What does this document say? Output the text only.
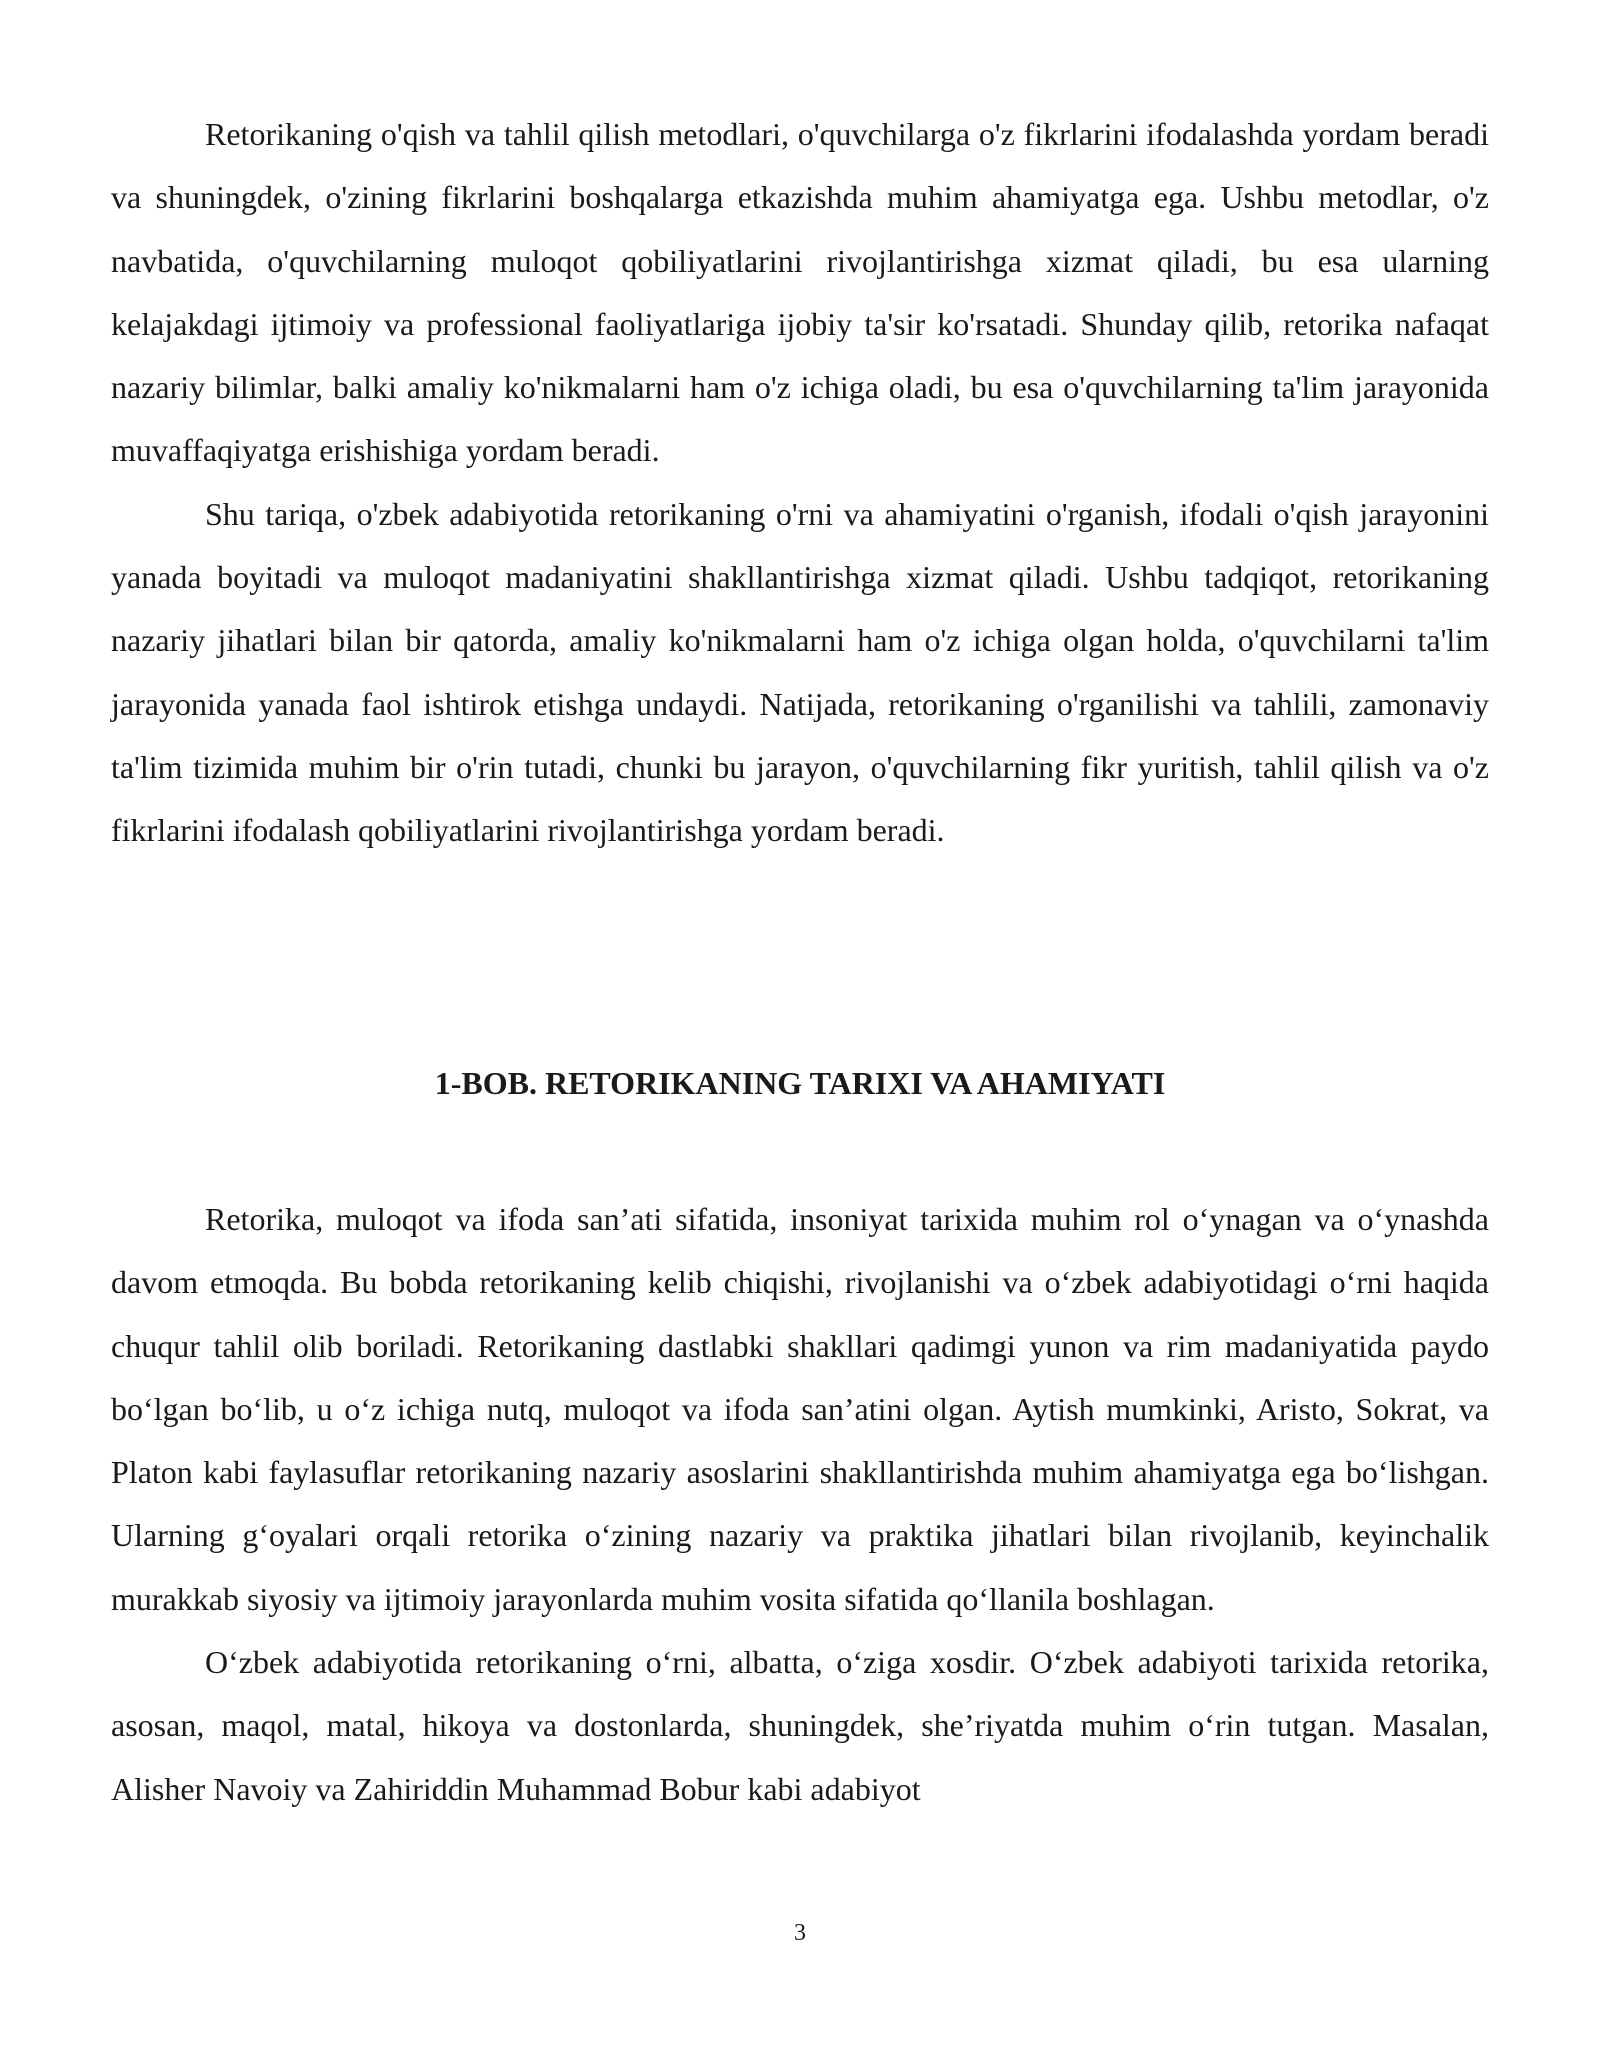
Retorikaning o'qish va tahlil qilish metodlari, o'quvchilarga o'z fikrlarini ifodalashda yordam beradi va shuningdek, o'zining fikrlarini boshqalarga etkazishda muhim ahamiyatga ega. Ushbu metodlar, o'z navbatida, o'quvchilarning muloqot qobiliyatlarini rivojlantirishga xizmat qiladi, bu esa ularning kelajakdagi ijtimoiy va professional faoliyatlariga ijobiy ta'sir ko'rsatadi. Shunday qilib, retorika nafaqat nazariy bilimlar, balki amaliy ko'nikmalarni ham o'z ichiga oladi, bu esa o'quvchilarning ta'lim jarayonida muvaffaqiyatga erishishiga yordam beradi.

Shu tariqa, o'zbek adabiyotida retorikaning o'rni va ahamiyatini o'rganish, ifodali o'qish jarayonini yanada boyitadi va muloqot madaniyatini shakllantirishga xizmat qiladi. Ushbu tadqiqot, retorikaning nazariy jihatlari bilan bir qatorda, amaliy ko'nikmalarni ham o'z ichiga olgan holda, o'quvchilarni ta'lim jarayonida yanada faol ishtirok etishga undaydi. Natijada, retorikaning o'rganilishi va tahlili, zamonaviy ta'lim tizimida muhim bir o'rin tutadi, chunki bu jarayon, o'quvchilarning fikr yuritish, tahlil qilish va o'z fikrlarini ifodalash qobiliyatlarini rivojlantirishga yordam beradi.

1-BOB. RETORIKANING TARIXI VA AHAMIYATI

Retorika, muloqot va ifoda san’ati sifatida, insoniyat tarixida muhim rol o‘ynagan va o‘ynashda davom etmoqda. Bu bobda retorikaning kelib chiqishi, rivojlanishi va o‘zbek adabiyotidagi o‘rni haqida chuqur tahlil olib boriladi. Retorikaning dastlabki shakllari qadimgi yunon va rim madaniyatida paydo bo‘lgan bo‘lib, u o‘z ichiga nutq, muloqot va ifoda san’atini olgan. Aytish mumkinki, Aristo, Sokrat, va Platon kabi faylasuflar retorikaning nazariy asoslarini shakllantirishda muhim ahamiyatga ega bo‘lishgan. Ularning g‘oyalari orqali retorika o‘zining nazariy va praktika jihatlari bilan rivojlanib, keyinchalik murakkab siyosiy va ijtimoiy jarayonlarda muhim vosita sifatida qo‘llanila boshlagan.

O‘zbek adabiyotida retorikaning o‘rni, albatta, o‘ziga xosdir. O‘zbek adabiyoti tarixida retorika, asosan, maqol, matal, hikoya va dostonlarda, shuningdek, she’riyatda muhim o‘rin tutgan. Masalan, Alisher Navoiy va Zahiriddin Muhammad Bobur kabi adabiyot

3
